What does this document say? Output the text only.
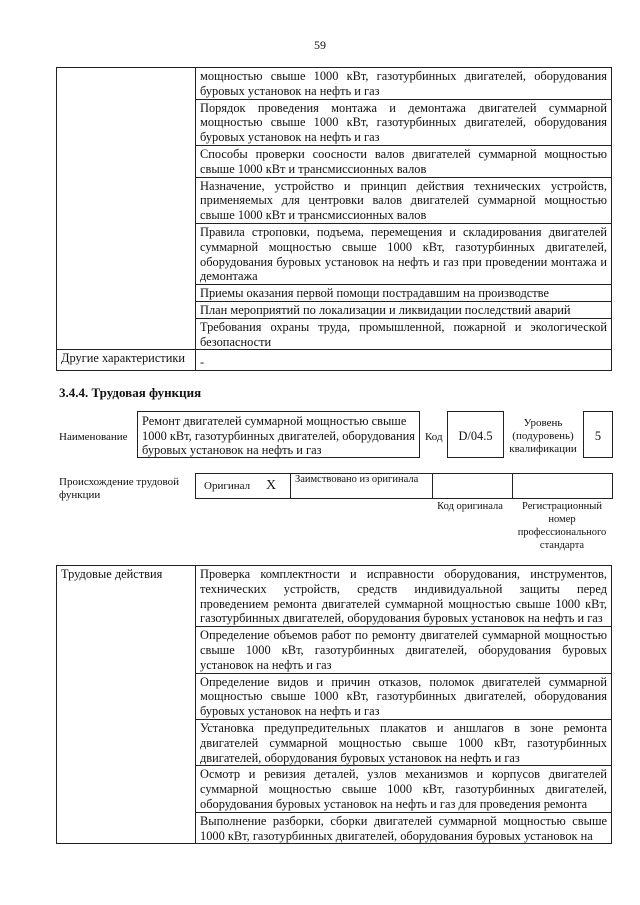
59
	мощностью свыше 1000 кВт, газотурбинных двигателей, оборудования буровых установок на нефть и газ
	Порядок проведения монтажа и демонтажа двигателей суммарной мощностью свыше 1000 кВт, газотурбинных двигателей, оборудования буровых установок на нефть и газ
	Способы проверки соосности валов двигателей суммарной мощностью свыше 1000 кВт и трансмиссионных валов
	Назначение, устройство и принцип действия технических устройств, применяемых для центровки валов двигателей суммарной мощностью свыше 1000 кВт и трансмиссионных валов
	Правила строповки, подъема, перемещения и складирования двигателей суммарной мощностью свыше 1000 кВт, газотурбинных двигателей, оборудования буровых установок на нефть и газ при проведении монтажа и демонтажа
	Приемы оказания первой помощи пострадавшим на производстве
	План мероприятий по локализации и ликвидации последствий аварий
	Требования охраны труда, промышленной, пожарной и экологической безопасности
Другие характеристики	-
3.4.4. Трудовая функция
Наименование
Ремонт двигателей суммарной мощностью свыше 1000 кВт, газотурбинных двигателей, оборудования буровых установок на нефть и газ
Код	D/04.5
Уровень (подуровень) квалификации
5
Происхождение трудовой функции
Оригинал X Заимствовано из оригинала
Код оригинала	Регистрационный номер профессионального стандарта
Трудовые действия	Проверка комплектности и исправности оборудования, инструментов, технических устройств, средств индивидуальной защиты перед проведением ремонта двигателей суммарной мощностью свыше 1000 кВт, газотурбинных двигателей, оборудования буровых установок на нефть и газ
Определение объемов работ по ремонту двигателей суммарной мощностью свыше 1000 кВт, газотурбинных двигателей, оборудования буровых установок на нефть и газ
Определение видов и причин отказов, поломок двигателей суммарной мощностью свыше 1000 кВт, газотурбинных двигателей, оборудования буровых установок на нефть и газ
Установка предупредительных плакатов и аншлагов в зоне ремонта двигателей суммарной мощностью свыше 1000 кВт, газотурбинных двигателей, оборудования буровых установок на нефть и газ
Осмотр и ревизия деталей, узлов механизмов и корпусов двигателей суммарной мощностью свыше 1000 кВт, газотурбинных двигателей, оборудования буровых установок на нефть и газ для проведения ремонта
Выполнение разборки, сборки двигателей суммарной мощностью свыше 1000 кВт, газотурбинных двигателей, оборудования буровых установок на
